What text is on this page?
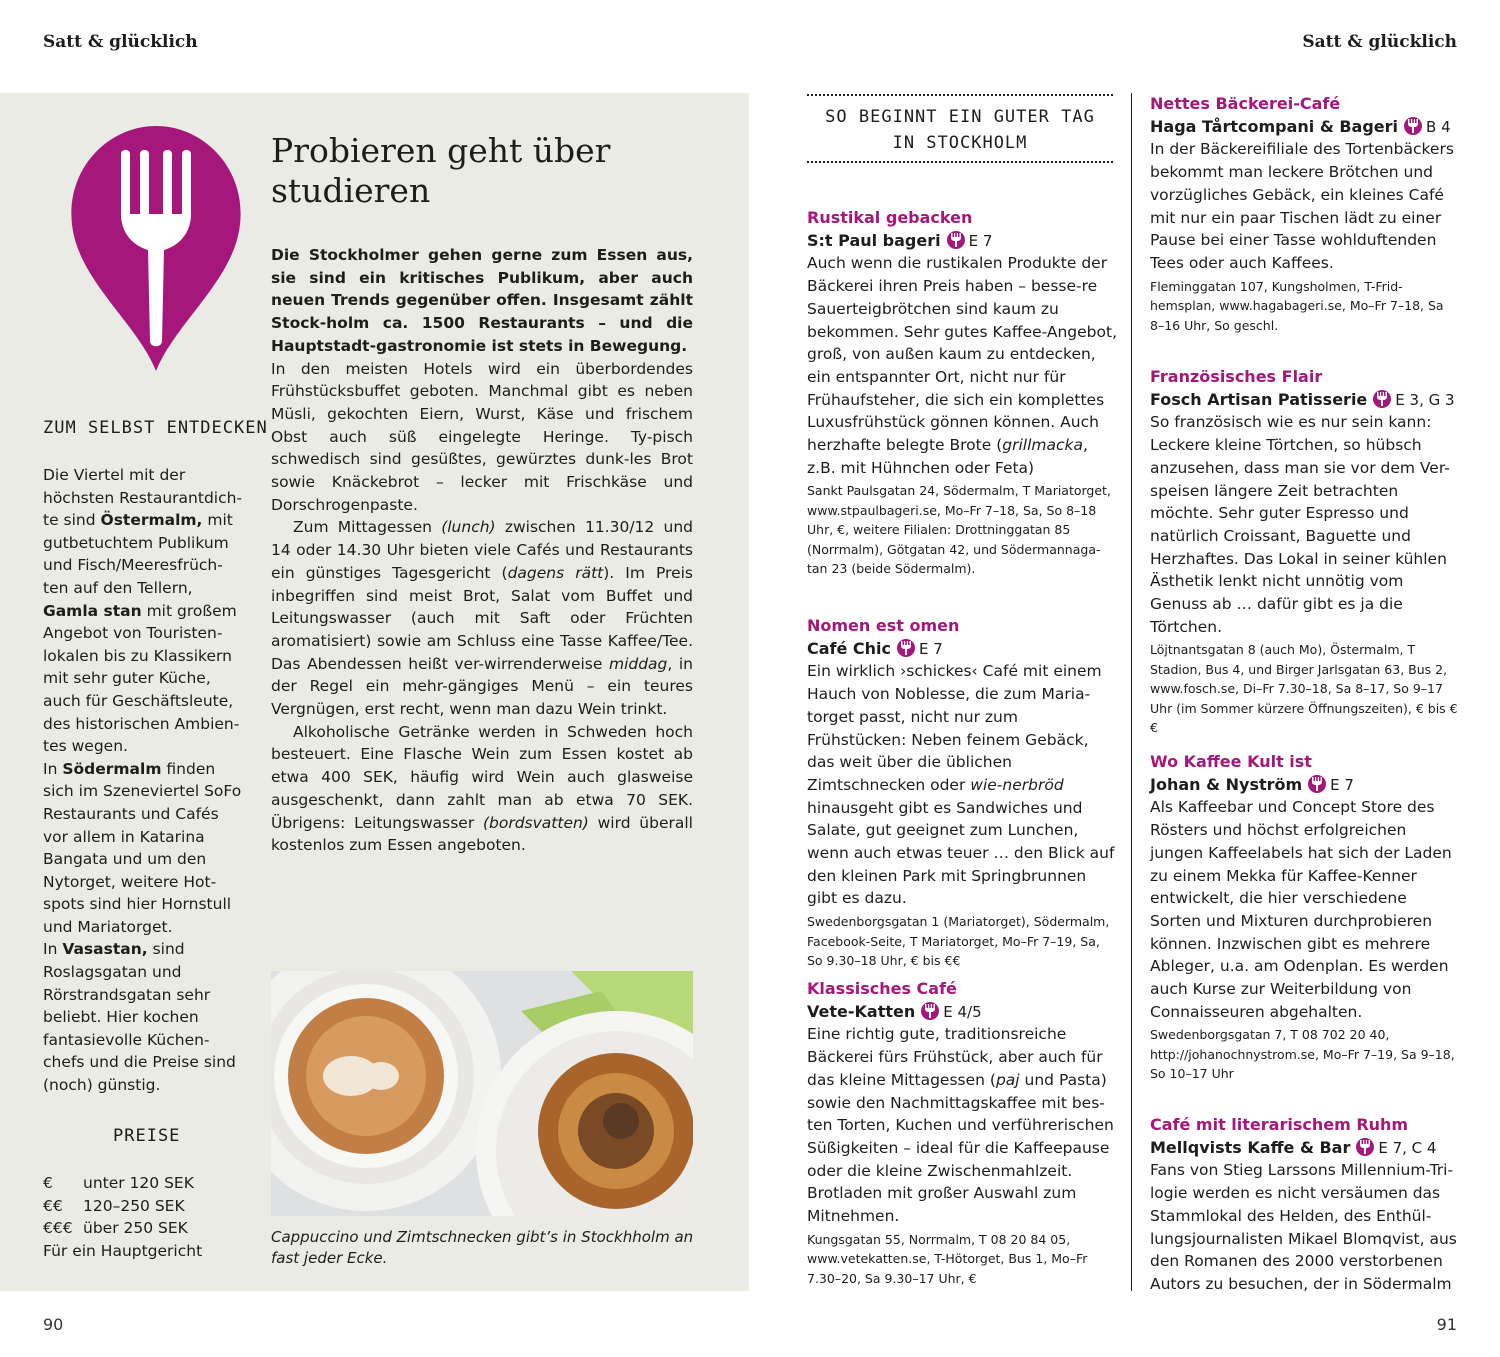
Satt & glücklich	Satt & glücklich
90	91
ZUM SELBST ENTDECKEN

Die Viertel mit der höchsten Restaurantdich- te sind Östermalm, mit gutbetuchtem Publikum und Fisch/Meeresfrüch-ten auf den Tellern, Gamla stan mit großem Angebot von Touristen-lokalen bis zu Klassikern mit sehr guter Küche, auch für Geschäftsleute, des historischen Ambien-tes wegen.

In Södermalm finden sich im Szeneviertel SoFo Restaurants und Cafés vor allem in Katarina Bangata und um den Nytorget, weitere Hot-spots sind hier Hornstull und Mariatorget.

In Vasastan, sind Roslagsgatan und Rörstrandsgatan sehr beliebt. Hier kochen fantasievolle Küchen-chefs und die Preise sind (noch) günstig.

PREISE
€ unter 120 SEK
€€ 120–250 SEK
€€€ über 250 SEK
Für ein Hauptgericht
Probieren geht über
studieren

Die Stockholmer gehen gerne zum Essen aus, sie sind ein kritisches Publikum, aber auch neuen Trends gegenüber offen. Insgesamt zählt Stock-holm ca. 1500 Restaurants – und die Hauptstadt-gastronomie ist stets in Bewegung.

In den meisten Hotels wird ein überbordendes Frühstücksbuffet geboten. Manchmal gibt es neben Müsli, gekochten Eiern, Wurst, Käse und frischem Obst auch süß eingelegte Heringe. Ty-pisch schwedisch sind gesüßtes, gewürztes dunk-les Brot sowie Knäckebrot – lecker mit Frischkäse und Dorschrogenpaste.

Zum Mittagessen (lunch) zwischen 11.30/12 und 14 oder 14.30 Uhr bieten viele Cafés und Restaurants ein günstiges Tagesgericht (dagens rätt). Im Preis inbegriffen sind meist Brot, Salat vom Buffet und Leitungswasser (auch mit Saft oder Früchten aromatisiert) sowie am Schluss eine Tasse Kaffee/Tee. Das Abendessen heißt ver-wirrenderweise middag, in der Regel ein mehr-gängiges Menü – ein teures Vergnügen, erst recht, wenn man dazu Wein trinkt.

Alkoholische Getränke werden in Schweden hoch besteuert. Eine Flasche Wein zum Essen kostet ab etwa 400 SEK, häufig wird Wein auch glasweise ausgeschenkt, dann zahlt man ab etwa 70 SEK. Übrigens: Leitungswasser (bordsvatten) wird überall kostenlos zum Essen angeboten.

Cappuccino und Zimtschnecken gibt’s in Stockhholm an fast jeder Ecke.
SO BEGINNT EIN GUTER TAG
IN STOCKHOLM
Rustikal gebacken
S:t Paul bageri E 7

Auch wenn die rustikalen Produkte der Bäckerei ihren Preis haben – besse-re Sauerteigbrötchen sind kaum zu bekommen. Sehr gutes Kaffee-Angebot, groß, von außen kaum zu entdecken, ein entspannter Ort, nicht nur für Frühaufsteher, die sich ein komplettes Luxusfrühstück gönnen können. Auch herzhafte belegte Brote (grillmacka, z.B. mit Hühnchen oder Feta)

Sankt Paulsgatan 24, Södermalm, T Mariatorget, www.stpaulbageri.se, Mo–Fr 7–18, Sa, So 8–18 Uhr, €, weitere Filialen: Drottninggatan 85 (Norrmalm), Götgatan 42, und Södermannaga-tan 23 (beide Södermalm).
Nomen est omen
Café Chic E 7

Ein wirklich ›schickes‹ Café mit einem Hauch von Noblesse, die zum Maria-torget passt, nicht nur zum Frühstücken: Neben feinem Gebäck, das weit über die üblichen Zimtschnecken oder wie-nerbröd hinausgeht gibt es Sandwiches und Salate, gut geeignet zum Lunchen, wenn auch etwas teuer … den Blick auf den kleinen Park mit Springbrunnen gibt es dazu.

Swedenborgsgatan 1 (Mariatorget), Södermalm, Facebook-Seite, T Mariatorget, Mo–Fr 7–19, Sa, So 9.30–18 Uhr, € bis €€
Klassisches Café
Vete-Katten E 4/5

Eine richtig gute, traditionsreiche Bäckerei fürs Frühstück, aber auch für das kleine Mittagessen (paj und Pasta) sowie den Nachmittagskaffee mit bes-ten Torten, Kuchen und verführerischen Süßigkeiten – ideal für die Kaffeepause oder die kleine Zwischenmahlzeit. Brotladen mit großer Auswahl zum Mitnehmen.

Kungsgatan 55, Norrmalm, T 08 20 84 05, www.vetekatten.se, T-Hötorget, Bus 1, Mo–Fr 7.30–20, Sa 9.30–17 Uhr, €
Nettes Bäckerei-Café
Haga Tårtcompani & Bageri B 4

In der Bäckereifiliale des Tortenbäckers bekommt man leckere Brötchen und vorzügliches Gebäck, ein kleines Café mit nur ein paar Tischen lädt zu einer Pause bei einer Tasse wohlduftenden Tees oder auch Kaffees.

Fleminggatan 107, Kungsholmen, T-Frid-hemsplan, www.hagabageri.se, Mo–Fr 7–18, Sa 8–16 Uhr, So geschl.
Französisches Flair
Fosch Artisan Patisserie E 3, G 3

So französisch wie es nur sein kann: Leckere kleine Törtchen, so hübsch anzusehen, dass man sie vor dem Ver-speisen längere Zeit betrachten möchte. Sehr guter Espresso und natürlich Croissant, Baguette und Herzhaftes. Das Lokal in seiner kühlen Ästhetik lenkt nicht unnötig vom Genuss ab … dafür gibt es ja die Törtchen.

Löjtnantsgatan 8 (auch Mo), Östermalm, T Stadion, Bus 4, und Birger Jarlsgatan 63, Bus 2, www.fosch.se, Di–Fr 7.30–18, Sa 8–17, So 9–17 Uhr (im Sommer kürzere Öffnungszeiten), € bis €€
Wo Kaffee Kult ist
Johan & Nyström E 7

Als Kaffeebar und Concept Store des Rösters und höchst erfolgreichen jungen Kaffeelabels hat sich der Laden zu einem Mekka für Kaffee-Kenner entwickelt, die hier verschiedene Sorten und Mixturen durchprobieren können. Inzwischen gibt es mehrere Ableger, u.a. am Odenplan. Es werden auch Kurse zur Weiterbildung von Connaisseuren abgehalten.

Swedenborgsgatan 7, T 08 702 20 40, http://johanochnystrom.se, Mo–Fr 7–19, Sa 9–18, So 10–17 Uhr
Café mit literarischem Ruhm
Mellqvists Kaffe & Bar E 7, C 4

Fans von Stieg Larssons Millennium-Tri-logie werden es nicht versäumen das Stammlokal des Helden, des Enthül-lungsjournalisten Mikael Blomqvist, aus den Romanen des 2000 verstorbenen Autors zu besuchen, der in Södermalm
